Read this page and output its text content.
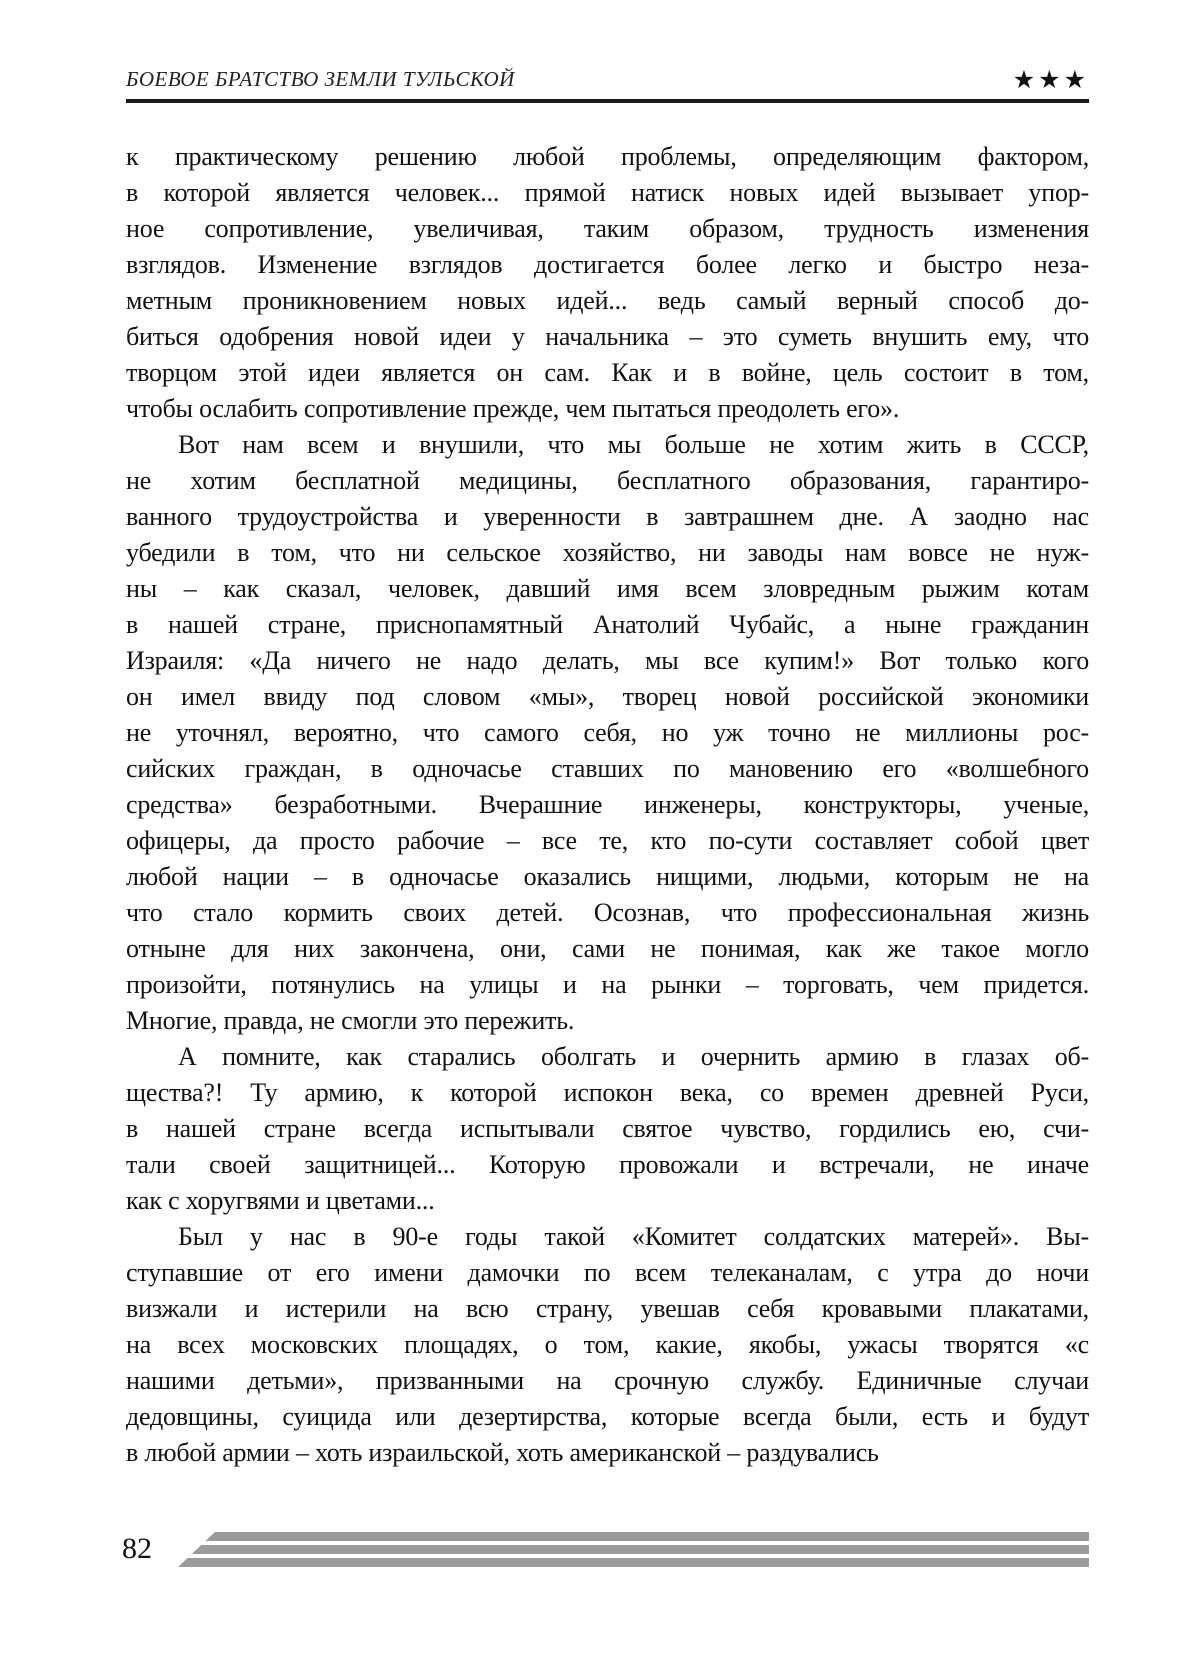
БОЕВОЕ БРАТСТВО ЗЕМЛИ ТУЛЬСКОЙ	★★★
к практическому решению любой проблемы, определяющим фактором,
в которой является человек... прямой натиск новых идей вызывает упор-
ное сопротивление, увеличивая, таким образом, трудность изменения
взглядов. Изменение взглядов достигается более легко и быстро неза-
метным проникновением новых идей... ведь самый верный способ до-
биться одобрения новой идеи у начальника – это суметь внушить ему, что
творцом этой идеи является он сам. Как и в войне, цель состоит в том,
чтобы ослабить сопротивление прежде, чем пытаться преодолеть его».
Вот нам всем и внушили, что мы больше не хотим жить в СССР,
не хотим бесплатной медицины, бесплатного образования, гарантиро-
ванного трудоустройства и уверенности в завтрашнем дне. А заодно нас
убедили в том, что ни сельское хозяйство, ни заводы нам вовсе не нуж-
ны – как сказал, человек, давший имя всем зловредным рыжим котам
в нашей стране, приснопамятный Анатолий Чубайс, а ныне гражданин
Израиля: «Да ничего не надо делать, мы все купим!» Вот только кого
он имел ввиду под словом «мы», творец новой российской экономики
не уточнял, вероятно, что самого себя, но уж точно не миллионы рос-
сийских граждан, в одночасье ставших по мановению его «волшебного
средства» безработными. Вчерашние инженеры, конструкторы, ученые,
офицеры, да просто рабочие – все те, кто по-сути составляет собой цвет
любой нации – в одночасье оказались нищими, людьми, которым не на
что стало кормить своих детей. Осознав, что профессиональная жизнь
отныне для них закончена, они, сами не понимая, как же такое могло
произойти, потянулись на улицы и на рынки – торговать, чем придется.
Многие, правда, не смогли это пережить.
А помните, как старались оболгать и очернить армию в глазах об-
щества?! Ту армию, к которой испокон века, со времен древней Руси,
в нашей стране всегда испытывали святое чувство, гордились ею, счи-
тали своей защитницей... Которую провожали и встречали, не иначе
как с хоругвями и цветами...
Был у нас в 90-е годы такой «Комитет солдатских матерей». Вы-
ступавшие от его имени дамочки по всем телеканалам, с утра до ночи
визжали и истерили на всю страну, увешав себя кровавыми плакатами,
на всех московских площадях, о том, какие, якобы, ужасы творятся «с
нашими детьми», призванными на срочную службу. Единичные случаи
дедовщины, суицида или дезертирства, которые всегда были, есть и будут
в любой армии – хоть израильской, хоть американской – раздувались
82
